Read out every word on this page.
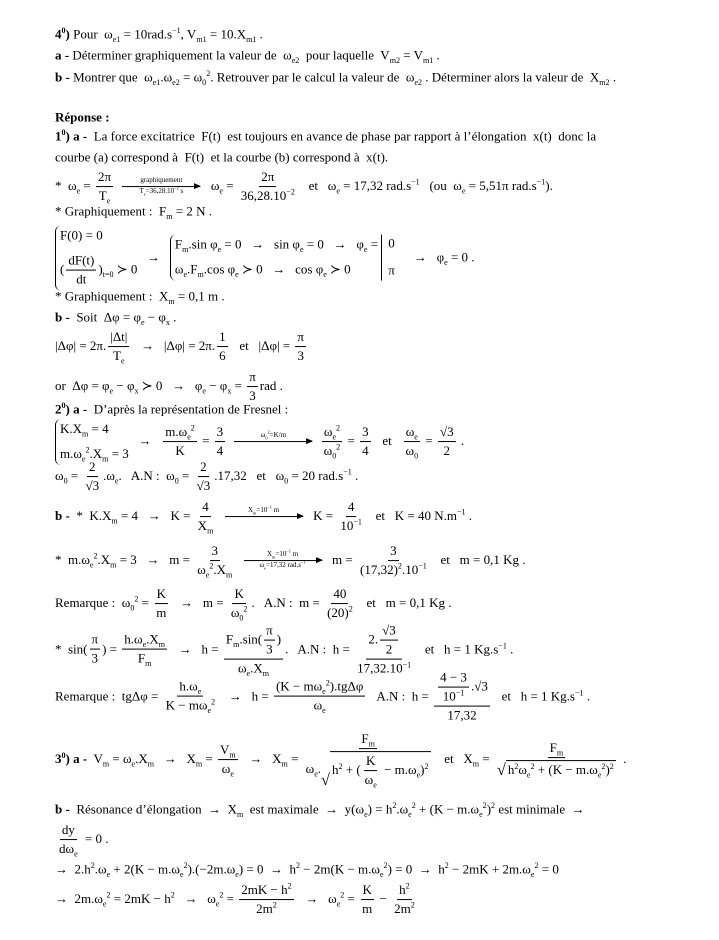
$4^0$) Pour  $\omega_{e1} = 10rad.s^{-1}$, $V_{m1} = 10.X_{m1}$ .
a - Déterminer graphiquement la valeur de  $\omega_{e2}$  pour laquelle  $V_{m2} = V_{m1}$ .
b - Montrer que  $\omega_{e1}.\omega_{e2} = \omega_0^2$. Retrouver par le calcul la valeur de  $\omega_{e2}$ . Déterminer alors la valeur de  $X_{m2}$ .
Réponse :
$1^0$) a -  La force excitatrice  F(t)  est toujours en avance de phase par rapport à l’élongation  x(t)  donc la
courbe (a) correspond à  F(t)  et la courbe (b) correspond à  x(t).
*  $\omega_e = \frac{2\pi}{T_e}$
	graphiquement
$T_e=36,28.10^{-2}$ s	$\omega_e = \frac{2\pi}{36,28.10^{-2}}$ et   $\omega_e = 17,32$ $rad.s^{-1}$   (ou  $\omega_e = 5,51\pi$ $rad.s^{-1}$).
* Graphiquement :  $F_m = 2$ N .
F(0) = 0
( $\frac{dF(t)}{dt} )_{t=0}$ ≻ 0
→
$F_m.\sin$ $\varphi_e = 0 \to \sin \varphi_e = 0 \to \varphi_e$ =
$\omega_e.F_m.\cos$ $\varphi_e$ ≻ $0 \to \cos \varphi_e$ ≻ 0

0
π
→   $\varphi_e = 0$ .
* Graphiquement :  $X_m = 0,1$ m .
b -  Soit  $\Delta\varphi = \varphi_e - \varphi_x$ .
|Δφ| = 2π. $\frac{|\Delta t|}{T_e} \to |\Delta\varphi| = 2\pi$. $\frac{1}{6}$ et   $|\Delta\varphi| = \frac{\pi}{3}$
or  $\Delta\varphi = \varphi_e - \varphi_x$ ≻ $0 \to \varphi_e - \varphi_x = \frac{\pi}{3}$ rad .
$2^0$) a -  D’après la représentation de Fresnel :
$K.X_m = 4$
$m.\omega_e^2.X_m = 3$
→ $\frac{m.\omega_e^2}{K} = \frac{3}{4}$
	$\omega_0^2=K/m$
	$\frac{\omega_e^2}{\omega_0^2} = \frac{3}{4}$ et $\frac{\omega_e}{\omega_0} = \frac{√3}{2}$ .
$\omega_0 = \frac{2}{√3} .\omega_e$.   A.N :  $\omega_0 = \frac{2}{√3} .17,32$   et   $\omega_0 = 20$ $rad.s^{-1}$ .
b -  *  $K.X_m = 4 \to K = \frac{4}{X_m}$
	$X_m=10^{-1}$ m	$K = \frac{4}{10^{-1}}$ et   K = 40 $N.m^{-1}$ .
*  $m.\omega_e^2.X_m = 3 \to m = \frac{3}{\omega_e^2.X_m}$
	$X_m=10^{-1}$ m
$\omega_e=17,32$ $rad.s^{-1}$	$m = \frac{3}{(17,32)^2.10^{-1}}$ et   m = 0,1 Kg .
Remarque :  $\omega_0^2 = \frac{K}{m} \to m = \frac{K}{\omega_0^2}$ .   A.N :  $m = \frac{40}{(20)^2}$ et   m = 0,1 Kg .
*  $\sin( \frac{\pi}{3}$ ) = $\frac{h.\omega_e.X_m}{F_m} \to h = \frac{F_m.\sin( \frac{\pi}{3} )}{\omega_e.X_m}$ .   A.N :  $h = \frac{2. \frac{√3}{2}}{17,32.10^{-1}}$ et   h = 1 $Kg.s^{-1}$ .
Remarque :  $tg\Delta\varphi = \frac{h.\omega_e}{K - m\omega_e^2} \to h = \frac{(K - m\omega_e^2).tg\Delta\varphi}{\omega_e} A.N$ :  $h = \frac{\frac{4 - 3}{10^{-1}} .√3}{17,32}$ et   h = 1 $Kg.s^{-1}$ .
$3^0$) $a - V_m = \omega_e.X_m \to X_m = \frac{V_m}{\omega_e} \to X_m = F_m$
$\omega_e$.
√
$h^2$ + ( $\frac{K}{\omega_e} - m.\omega_e)^2$ et   $X_m = \frac{F_m}{√ h^2\omega_e^2 + (K - m.\omega_e^2)^2}$ .
b -  Résonance d’élongation  →  $X_m$  est maximale  →  $y(\omega_e) = h^2.\omega_e^2 + (K - m.\omega_e^2)^2$ est minimale  →
$\frac{dy}{d\omega_e} = 0$ .
→  $2.h^2.\omega_e + 2(K - m.\omega_e^2).(-2m.\omega_e) = 0 \to h^2 - 2m(K - m.\omega_e^2) = 0 \to h^2 - 2mK + 2m.\omega_e^2 = 0$
→  $2m.\omega_e^2 = 2mK - h^2 \to \omega_e^2 = \frac{2mK - h^2}{2m^2} \to \omega_e^2 = \frac{K}{m} - \frac{h^2}{2m^2}$
